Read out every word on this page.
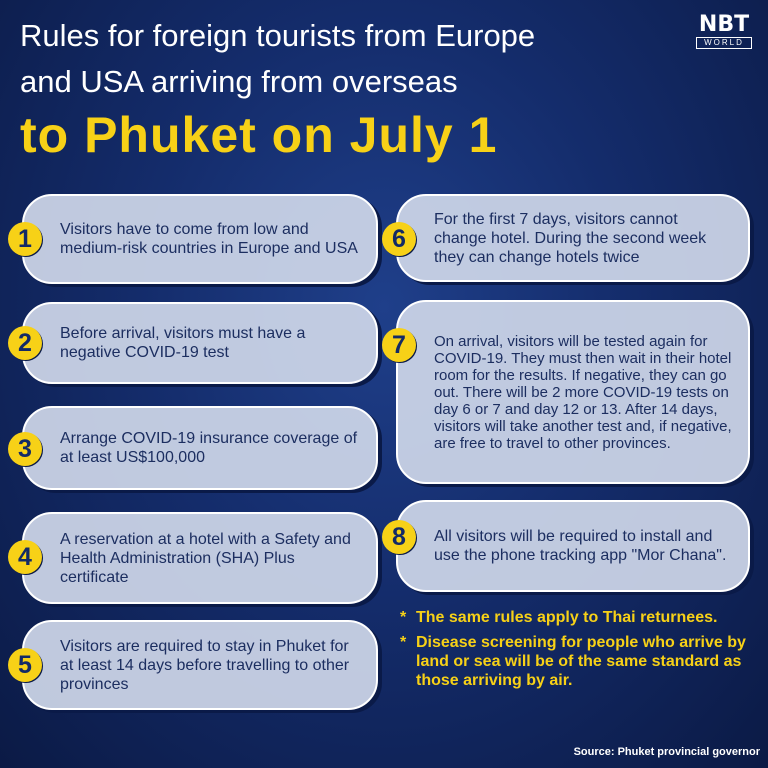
Rules for foreign tourists from Europe
and USA arriving from overseas
to Phuket on July 1
NBT
WORLD
Visitors have to come from low and medium-risk countries in Europe and USA
1
Before arrival, visitors must have a negative COVID-19 test
2
Arrange COVID-19 insurance coverage of at least US$100,000
3
A reservation at a hotel with a Safety and Health Administration (SHA) Plus certificate
4
Visitors are required to stay in Phuket for at least 14 days before travelling to other provinces
5
For the first 7 days, visitors cannot change hotel. During the second week they can change hotels twice
6
On arrival, visitors will be tested again for COVID-19. They must then wait in their hotel room for the results. If negative, they can go out. There will be 2 more COVID-19 tests on day 6 or 7 and day 12 or 13. After 14 days, visitors will take another test and, if negative, are free to travel to other provinces.
7
All visitors will be required to install and use the phone tracking app "Mor Chana".
8
* The same rules apply to Thai returnees.
* Disease screening for people who arrive by land or sea will be of the same standard as those arriving by air.
Source: Phuket provincial governor
